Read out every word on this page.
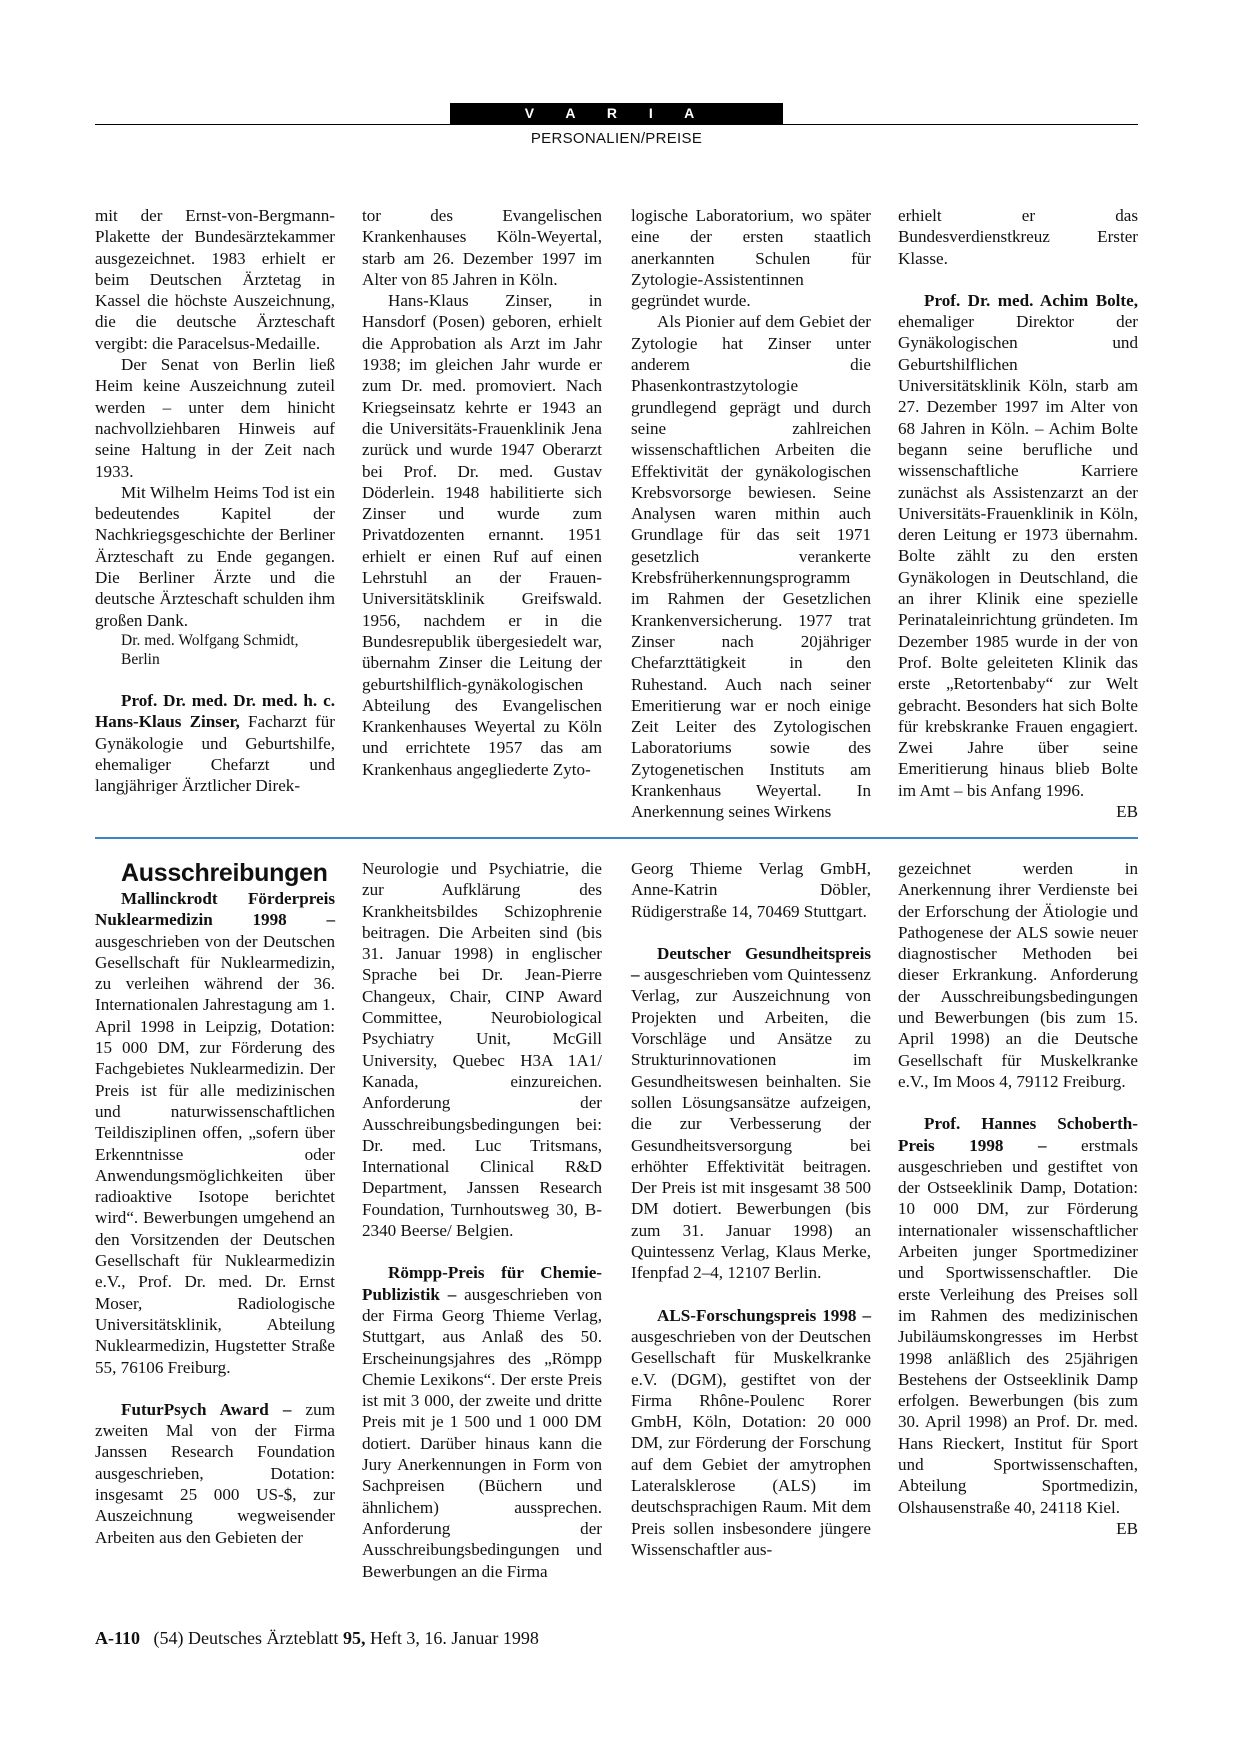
V A R I A
PERSONALIEN/PREISE

mit der Ernst-von-Bergmann-Plakette der Bundesärztekammer ausgezeichnet. 1983 erhielt er beim Deutschen Ärztetag in Kassel die höchste Auszeichnung, die die deutsche Ärzteschaft vergibt: die Paracelsus-Medaille.

Der Senat von Berlin ließ Heim keine Auszeichnung zuteil werden – unter dem hinicht nachvollziehbaren Hinweis auf seine Haltung in der Zeit nach 1933.

Mit Wilhelm Heims Tod ist ein bedeutendes Kapitel der Nachkriegsgeschichte der Berliner Ärzteschaft zu Ende gegangen. Die Berliner Ärzte und die deutsche Ärzteschaft schulden ihm großen Dank.

Dr. med. Wolfgang Schmidt,

Berlin

Prof. Dr. med. Dr. med. h. c. Hans-Klaus Zinser, Facharzt für Gynäkologie und Geburtshilfe, ehemaliger Chefarzt und langjähriger Ärztlicher Direk-

tor des Evangelischen Krankenhauses Köln-Weyertal, starb am 26. Dezember 1997 im Alter von 85 Jahren in Köln.

Hans-Klaus Zinser, in Hansdorf (Posen) geboren, erhielt die Approbation als Arzt im Jahr 1938; im gleichen Jahr wurde er zum Dr. med. promoviert. Nach Kriegseinsatz kehrte er 1943 an die Universitäts-Frauenklinik Jena zurück und wurde 1947 Oberarzt bei Prof. Dr. med. Gustav Döderlein. 1948 habilitierte sich Zinser und wurde zum Privatdozenten ernannt. 1951 erhielt er einen Ruf auf einen Lehrstuhl an der Frauen-Universitätsklinik Greifswald. 1956, nachdem er in die Bundesrepublik übergesiedelt war, übernahm Zinser die Leitung der geburtshilflich-gynäkologischen Abteilung des Evangelischen Krankenhauses Weyertal zu Köln und errichtete 1957 das am Krankenhaus angegliederte Zyto-

logische Laboratorium, wo später eine der ersten staatlich anerkannten Schulen für Zytologie-Assistentinnen gegründet wurde.

Als Pionier auf dem Gebiet der Zytologie hat Zinser unter anderem die Phasenkontrastzytologie grundlegend geprägt und durch seine zahlreichen wissenschaftlichen Arbeiten die Effektivität der gynäkologischen Krebsvorsorge bewiesen. Seine Analysen waren mithin auch Grundlage für das seit 1971 gesetzlich verankerte Krebsfrüherkennungsprogramm im Rahmen der Gesetzlichen Krankenversicherung. 1977 trat Zinser nach 20jähriger Chefarzttätigkeit in den Ruhestand. Auch nach seiner Emeritierung war er noch einige Zeit Leiter des Zytologischen Laboratoriums sowie des Zytogenetischen Instituts am Krankenhaus Weyertal. In Anerkennung seines Wirkens

erhielt er das Bundesverdienstkreuz Erster Klasse.

Prof. Dr. med. Achim Bolte, ehemaliger Direktor der Gynäkologischen und Geburtshilflichen Universitätsklinik Köln, starb am 27. Dezember 1997 im Alter von 68 Jahren in Köln. – Achim Bolte begann seine berufliche und wissenschaftliche Karriere zunächst als Assistenzarzt an der Universitäts-Frauenklinik in Köln, deren Leitung er 1973 übernahm. Bolte zählt zu den ersten Gynäkologen in Deutschland, die an ihrer Klinik eine spezielle Perinataleinrichtung gründeten. Im Dezember 1985 wurde in der von Prof. Bolte geleiteten Klinik das erste „Retortenbaby“ zur Welt gebracht. Besonders hat sich Bolte für krebskranke Frauen engagiert. Zwei Jahre über seine Emeritierung hinaus blieb Bolte im Amt – bis Anfang 1996.

EB

Ausschreibungen

Mallinckrodt Förderpreis Nuklearmedizin 1998 – ausgeschrieben von der Deutschen Gesellschaft für Nuklearmedizin, zu verleihen während der 36. Internationalen Jahrestagung am 1. April 1998 in Leipzig, Dotation: 15 000 DM, zur Förderung des Fachgebietes Nuklearmedizin. Der Preis ist für alle medizinischen und naturwissenschaftlichen Teildisziplinen offen, „sofern über Erkenntnisse oder Anwendungsmöglichkeiten über radioaktive Isotope berichtet wird“. Bewerbungen umgehend an den Vorsitzenden der Deutschen Gesellschaft für Nuklearmedizin e.V., Prof. Dr. med. Dr. Ernst Moser, Radiologische Universitätsklinik, Abteilung Nuklearmedizin, Hugstetter Straße 55, 76106 Freiburg.

FuturPsych Award – zum zweiten Mal von der Firma Janssen Research Foundation ausgeschrieben, Dotation: insgesamt 25 000 US-$, zur Auszeichnung wegweisender Arbeiten aus den Gebieten der

Neurologie und Psychiatrie, die zur Aufklärung des Krankheitsbildes Schizophrenie beitragen. Die Arbeiten sind (bis 31. Januar 1998) in englischer Sprache bei Dr. Jean-Pierre Changeux, Chair, CINP Award Committee, Neurobiological Psychiatry Unit, McGill University, Quebec H3A 1A1/ Kanada, einzureichen. Anforderung der Ausschreibungsbedingungen bei: Dr. med. Luc Tritsmans, International Clinical R&D Department, Janssen Research Foundation, Turnhoutsweg 30, B-2340 Beerse/ Belgien.

Römpp-Preis für Chemie-Publizistik – ausgeschrieben von der Firma Georg Thieme Verlag, Stuttgart, aus Anlaß des 50. Erscheinungsjahres des „Römpp Chemie Lexikons“. Der erste Preis ist mit 3 000, der zweite und dritte Preis mit je 1 500 und 1 000 DM dotiert. Darüber hinaus kann die Jury Anerkennungen in Form von Sachpreisen (Büchern und ähnlichem) aussprechen. Anforderung der Ausschreibungsbedingungen und Bewerbungen an die Firma

Georg Thieme Verlag GmbH, Anne-Katrin Döbler, Rüdigerstraße 14, 70469 Stuttgart.

Deutscher Gesundheitspreis – ausgeschrieben vom Quintessenz Verlag, zur Auszeichnung von Projekten und Arbeiten, die Vorschläge und Ansätze zu Strukturinnovationen im Gesundheitswesen beinhalten. Sie sollen Lösungsansätze aufzeigen, die zur Verbesserung der Gesundheitsversorgung bei erhöhter Effektivität beitragen. Der Preis ist mit insgesamt 38 500 DM dotiert. Bewerbungen (bis zum 31. Januar 1998) an Quintessenz Verlag, Klaus Merke, Ifenpfad 2–4, 12107 Berlin.

ALS-Forschungspreis 1998 – ausgeschrieben von der Deutschen Gesellschaft für Muskelkranke e.V. (DGM), gestiftet von der Firma Rhône-Poulenc Rorer GmbH, Köln, Dotation: 20 000 DM, zur Förderung der Forschung auf dem Gebiet der amytrophen Lateralsklerose (ALS) im deutschsprachigen Raum. Mit dem Preis sollen insbesondere jüngere Wissenschaftler aus-

gezeichnet werden in Anerkennung ihrer Verdienste bei der Erforschung der Ätiologie und Pathogenese der ALS sowie neuer diagnostischer Methoden bei dieser Erkrankung. Anforderung der Ausschreibungsbedingungen und Bewerbungen (bis zum 15. April 1998) an die Deutsche Gesellschaft für Muskelkranke e.V., Im Moos 4, 79112 Freiburg.

Prof. Hannes Schoberth-Preis 1998 – erstmals ausgeschrieben und gestiftet von der Ostseeklinik Damp, Dotation: 10 000 DM, zur Förderung internationaler wissenschaftlicher Arbeiten junger Sportmediziner und Sportwissenschaftler. Die erste Verleihung des Preises soll im Rahmen des medizinischen Jubiläumskongresses im Herbst 1998 anläßlich des 25jährigen Bestehens der Ostseeklinik Damp erfolgen. Bewerbungen (bis zum 30. April 1998) an Prof. Dr. med. Hans Rieckert, Institut für Sport und Sportwissenschaften, Abteilung Sportmedizin, Olshausenstraße 40, 24118 Kiel.

EB
A-110 (54) Deutsches Ärzteblatt 95, Heft 3, 16. Januar 1998
